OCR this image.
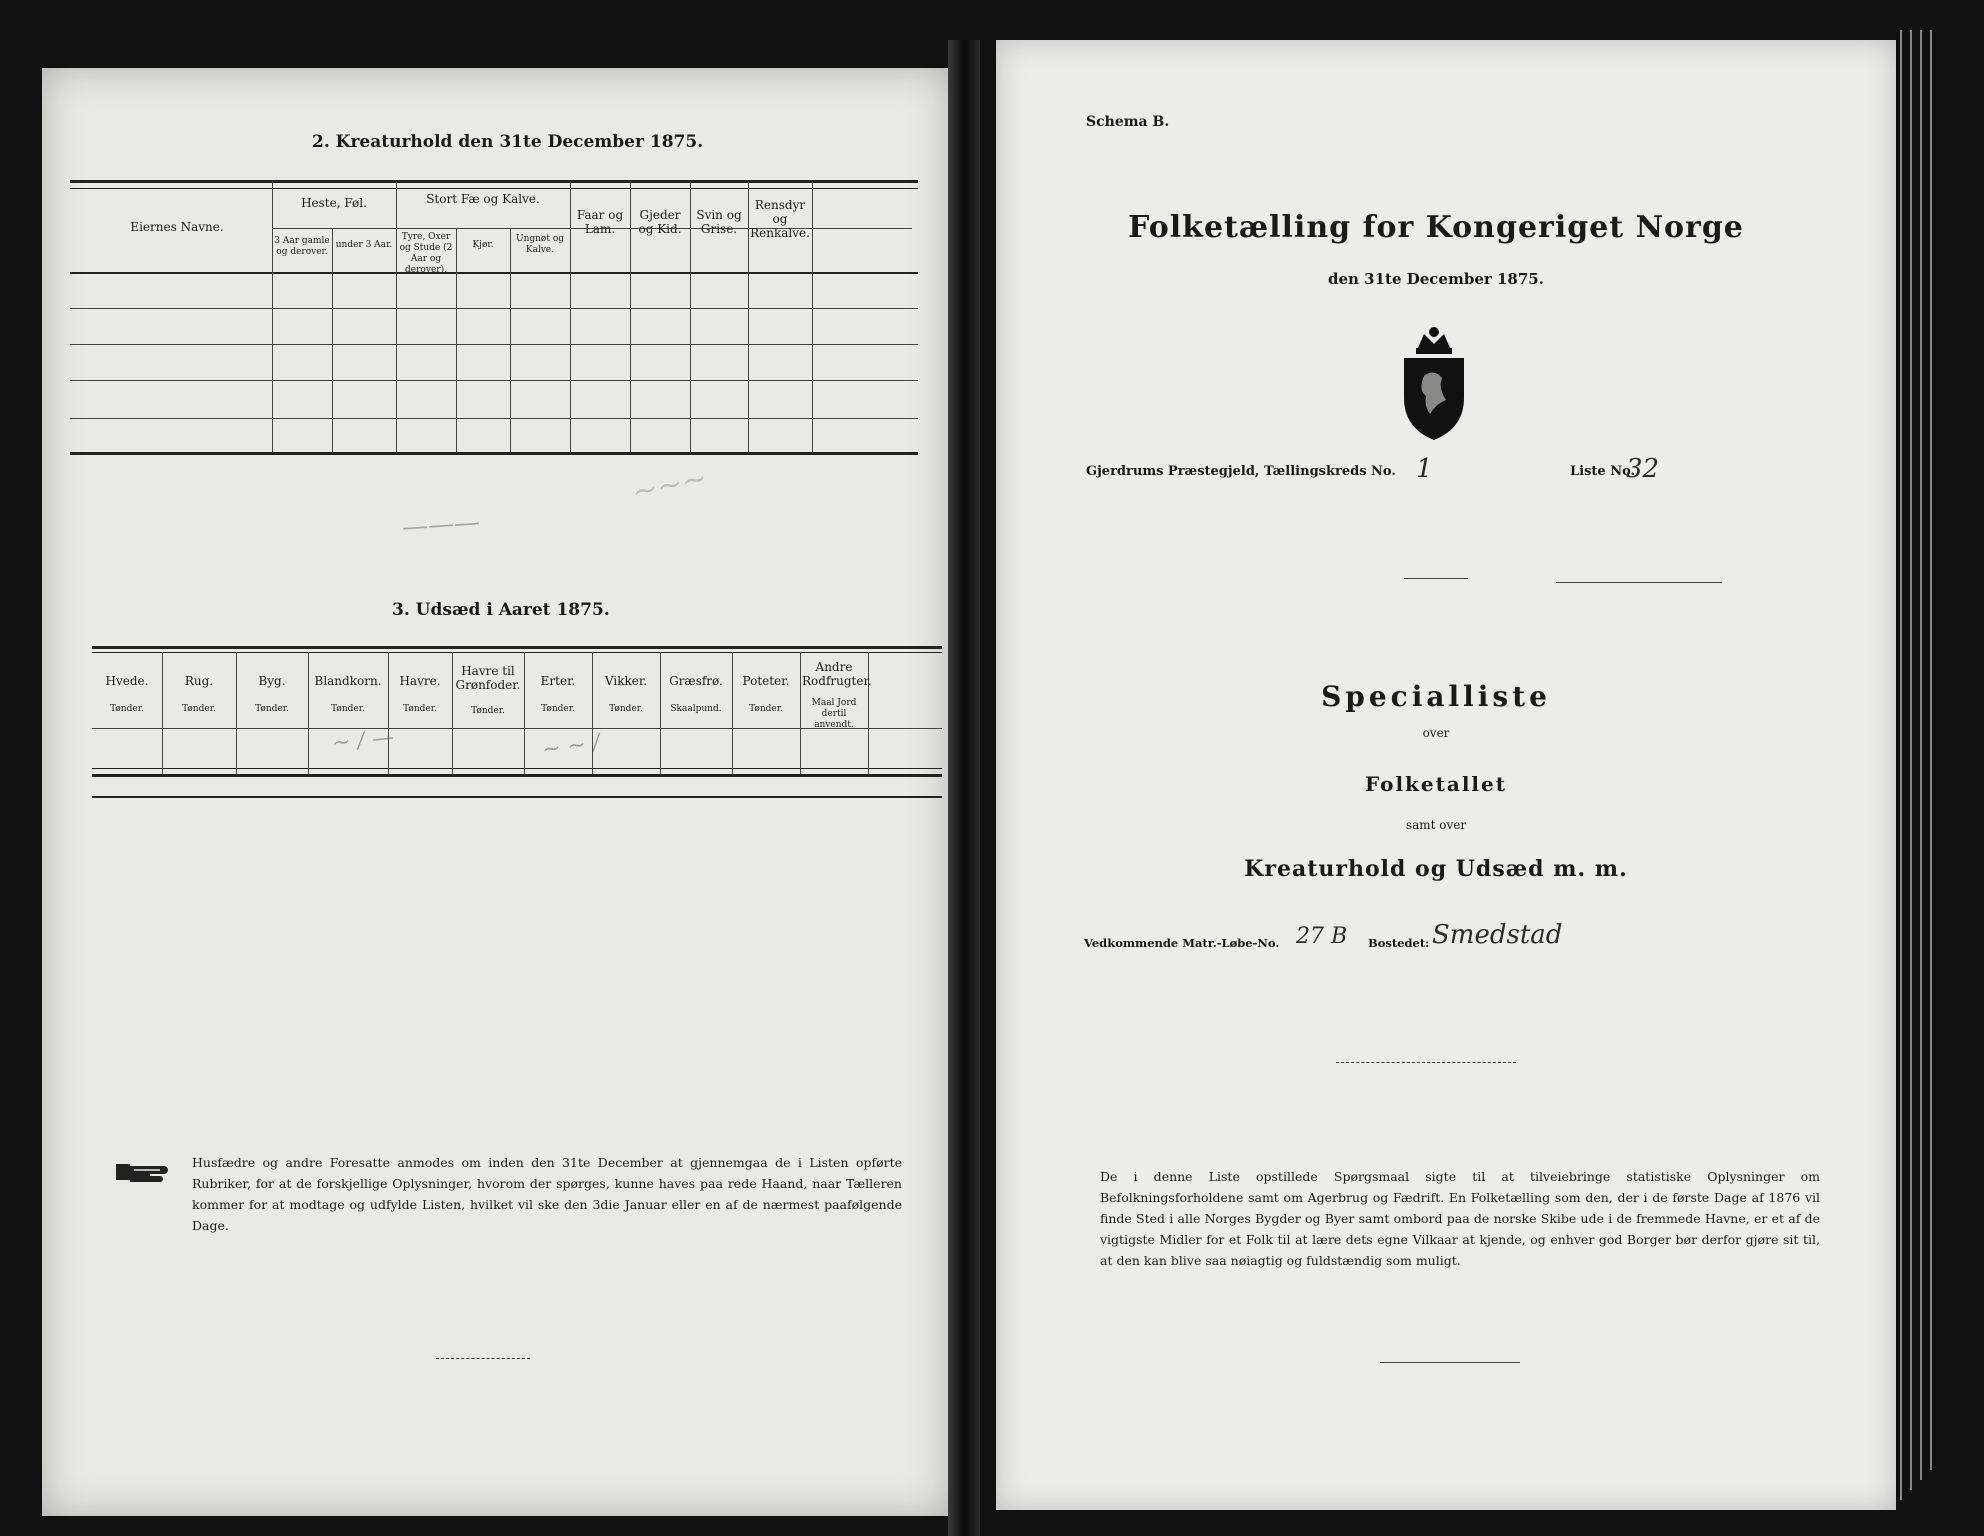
2. Kreaturhold den 31te December 1875.
Eiernes Navne.
Heste, Føl.
3 Aar gamle og derover.
under 3 Aar.
Stort Fæ og Kalve.
Tyre, Oxer og Stude (2 Aar og derover).
Kjør.
Ungnøt og Kalve.
Faar og Lam.
Gjeder og Kid.
Svin og Grise.
Rensdyr og Renkalve.
———
~~~
3. Udsæd i Aaret 1875.
Hvede.
Tønder.
Rug.
Tønder.
Byg.
Tønder.
Blandkorn.
Tønder.
Havre.
Tønder.
Havre til Grønfoder.
Tønder.
Erter.
Tønder.
Vikker.
Tønder.
Græsfrø.
Skaalpund.
Poteter.
Tønder.
Andre Rodfrugter.
Maal Jord dertil anvendt.
~ / —	~ ~ /
Husfædre og andre Foresatte anmodes om inden den 31te December at gjennemgaa de i Listen opførte Rubriker, for at de forskjellige Oplysninger, hvorom der spørges, kunne haves paa rede Haand, naar Tælleren kommer for at modtage og udfylde Listen, hvilket vil ske den 3die Januar eller en af de nærmest paafølgende Dage.
Schema B.
Folketælling for Kongeriget Norge
den 31te December 1875.
Gjerdrums Præstegjeld, Tællingskreds No. 1	Liste No.
32
Specialliste
over
Folketallet
samt over
Kreaturhold og Udsæd m. m.
Vedkommende Matr.-Løbe-No. 27 B Bostedet: Smedstad
De i denne Liste opstillede Spørgsmaal sigte til at tilveiebringe statistiske Oplysninger om Befolkningsforholdene samt om Agerbrug og Fædrift. En Folketælling som den, der i de første Dage af 1876 vil finde Sted i alle Norges Bygder og Byer samt ombord paa de norske Skibe ude i de fremmede Havne, er et af de vigtigste Midler for et Folk til at lære dets egne Vilkaar at kjende, og enhver god Borger bør derfor gjøre sit til, at den kan blive saa nøiagtig og fuldstændig som muligt.
